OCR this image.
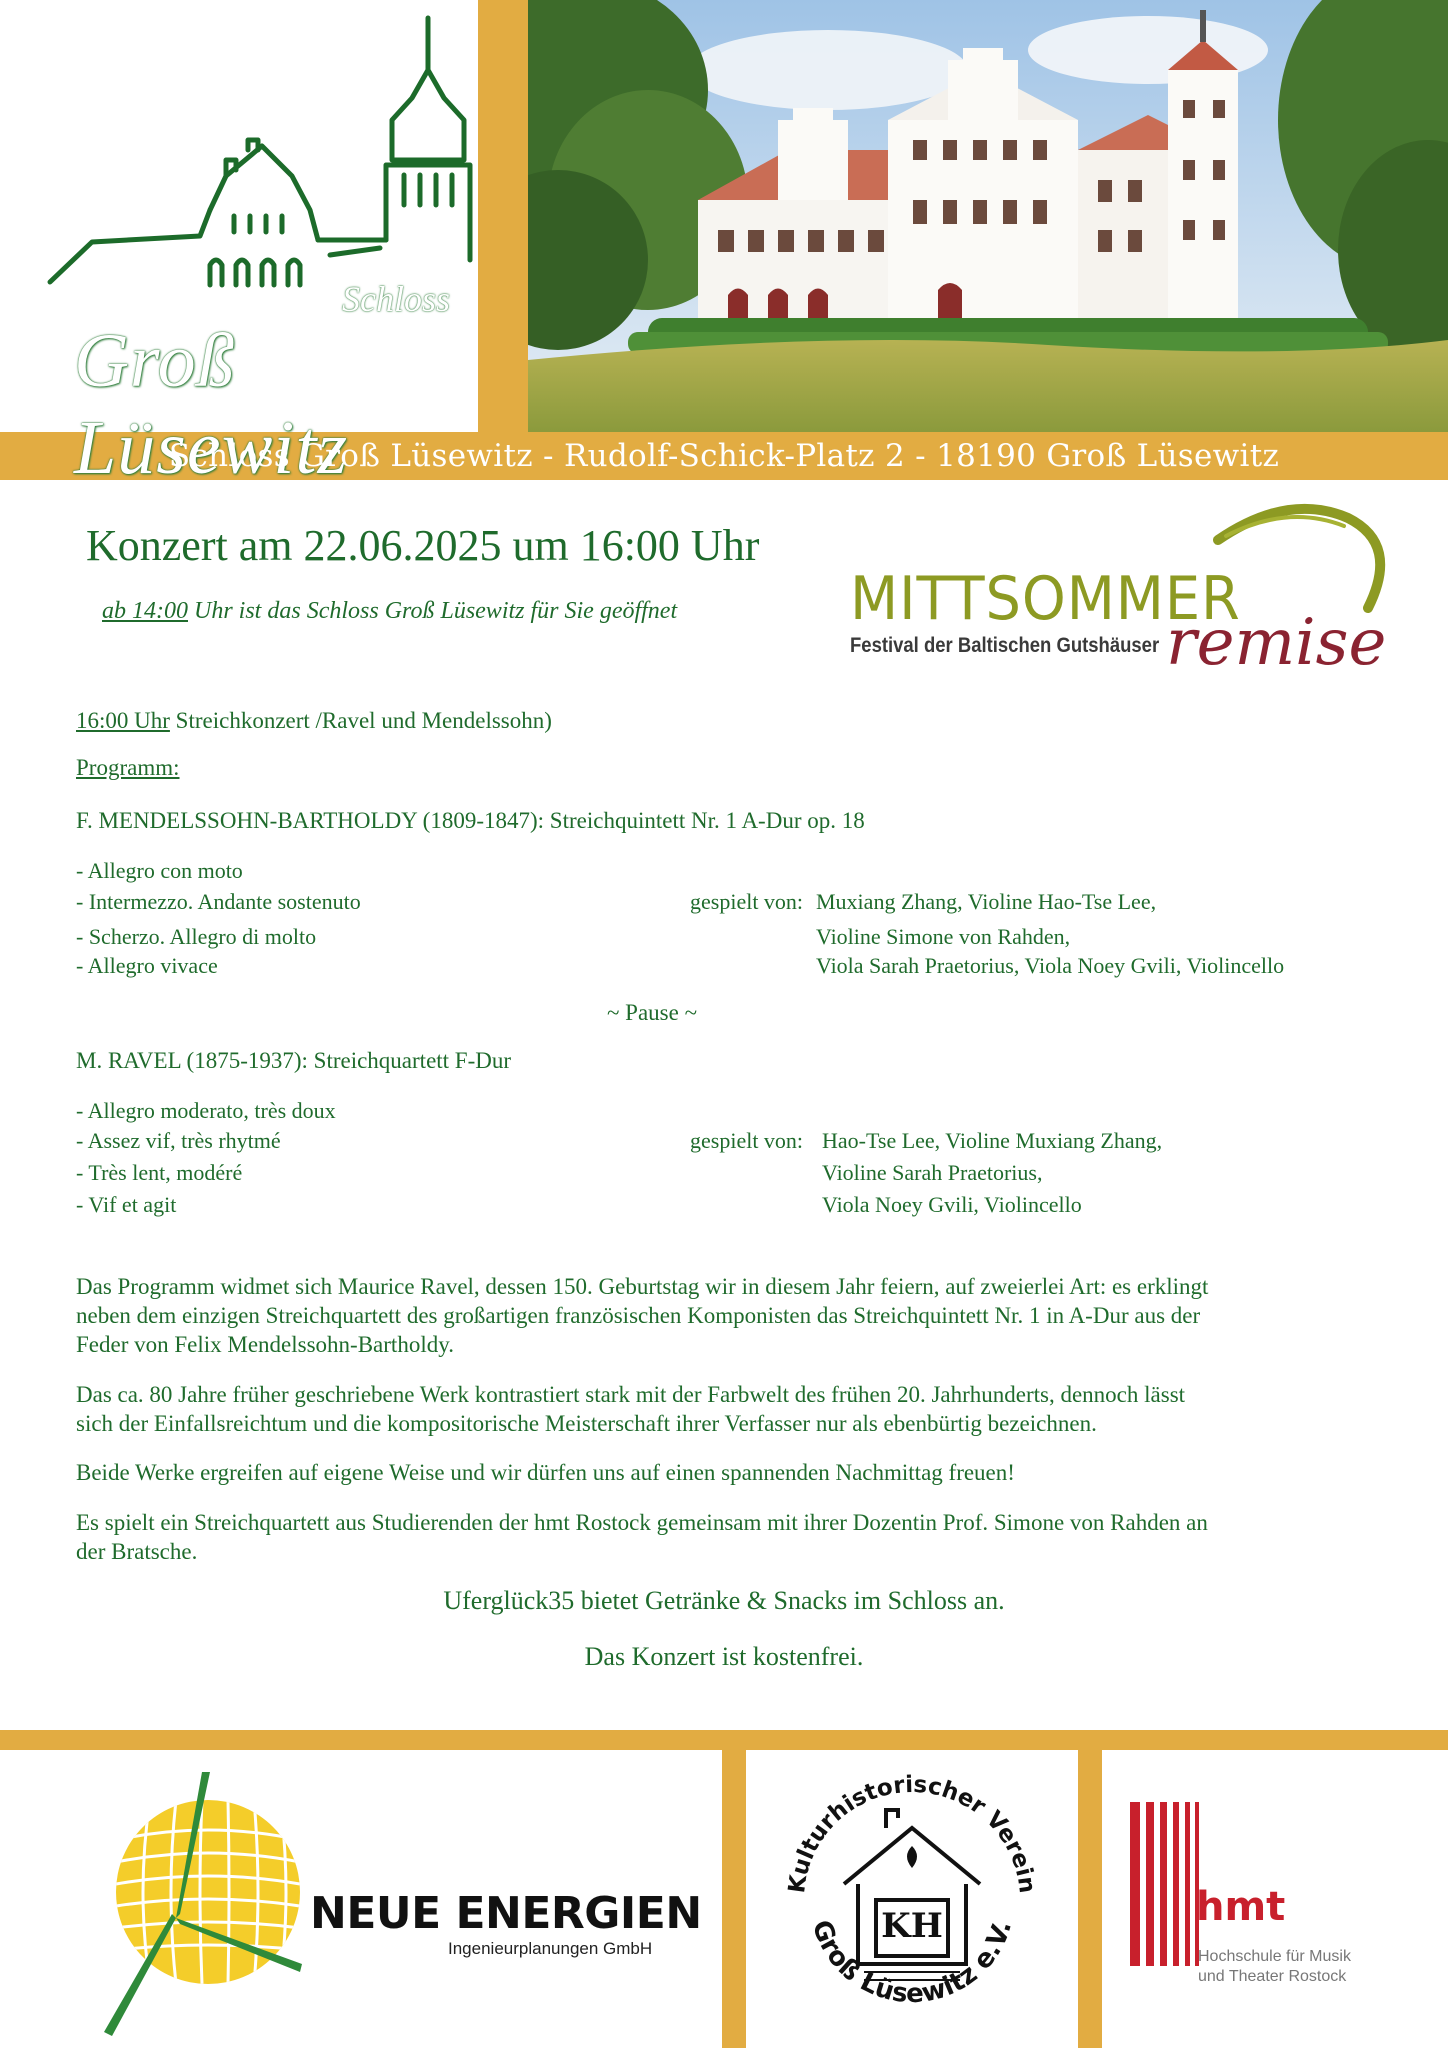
Schloss
Groß Lüsewitz
Schloss Groß Lüsewitz - Rudolf-Schick-Platz 2 - 18190 Groß Lüsewitz
Konzert am 22.06.2025 um 16:00 Uhr
ab 14:00 Uhr ist das Schloss Groß Lüsewitz für Sie geöffnet	MITTSOMMER
Festival der Baltischen Gutshäuser remise
16:00 Uhr Streichkonzert /Ravel und Mendelssohn)
Programm:
F. MENDELSSOHN-BARTHOLDY (1809-1847): Streichquintett Nr. 1 A-Dur op. 18
- Allegro con moto
- Intermezzo. Andante sostenuto
- Scherzo. Allegro di molto
- Allegro vivace
gespielt von: Muxiang Zhang, Violine Hao-Tse Lee,
Violine Simone von Rahden,
Viola Sarah Praetorius, Viola Noey Gvili, Violincello
~ Pause ~
M. RAVEL (1875-1937): Streichquartett F-Dur
- Allegro moderato, très doux
- Assez vif, très rhytmé
- Très lent, modéré
- Vif et agit
gespielt von: Hao-Tse Lee, Violine Muxiang Zhang,
Violine Sarah Praetorius,
Viola Noey Gvili, Violincello
Das Programm widmet sich Maurice Ravel, dessen 150. Geburtstag wir in diesem Jahr feiern, auf zweierlei Art: es erklingt
neben dem einzigen Streichquartett des großartigen französischen Komponisten das Streichquintett Nr. 1 in A-Dur aus der
Feder von Felix Mendelssohn-Bartholdy.
Das ca. 80 Jahre früher geschriebene Werk kontrastiert stark mit der Farbwelt des frühen 20. Jahrhunderts, dennoch lässt
sich der Einfallsreichtum und die kompositorische Meisterschaft ihrer Verfasser nur als ebenbürtig bezeichnen.
Beide Werke ergreifen auf eigene Weise und wir dürfen uns auf einen spannenden Nachmittag freuen!
Es spielt ein Streichquartett aus Studierenden der hmt Rostock gemeinsam mit ihrer Dozentin Prof. Simone von Rahden an
der Bratsche.
Uferglück35 bietet Getränke & Snacks im Schloss an.
Das Konzert ist kostenfrei.
NEUE ENERGIEN
Ingenieurplanungen GmbH
Kulturhistorischer Verein
Groß Lüsewitz e.V.
KH	hmt
Hochschule für Musik
und Theater Rostock
